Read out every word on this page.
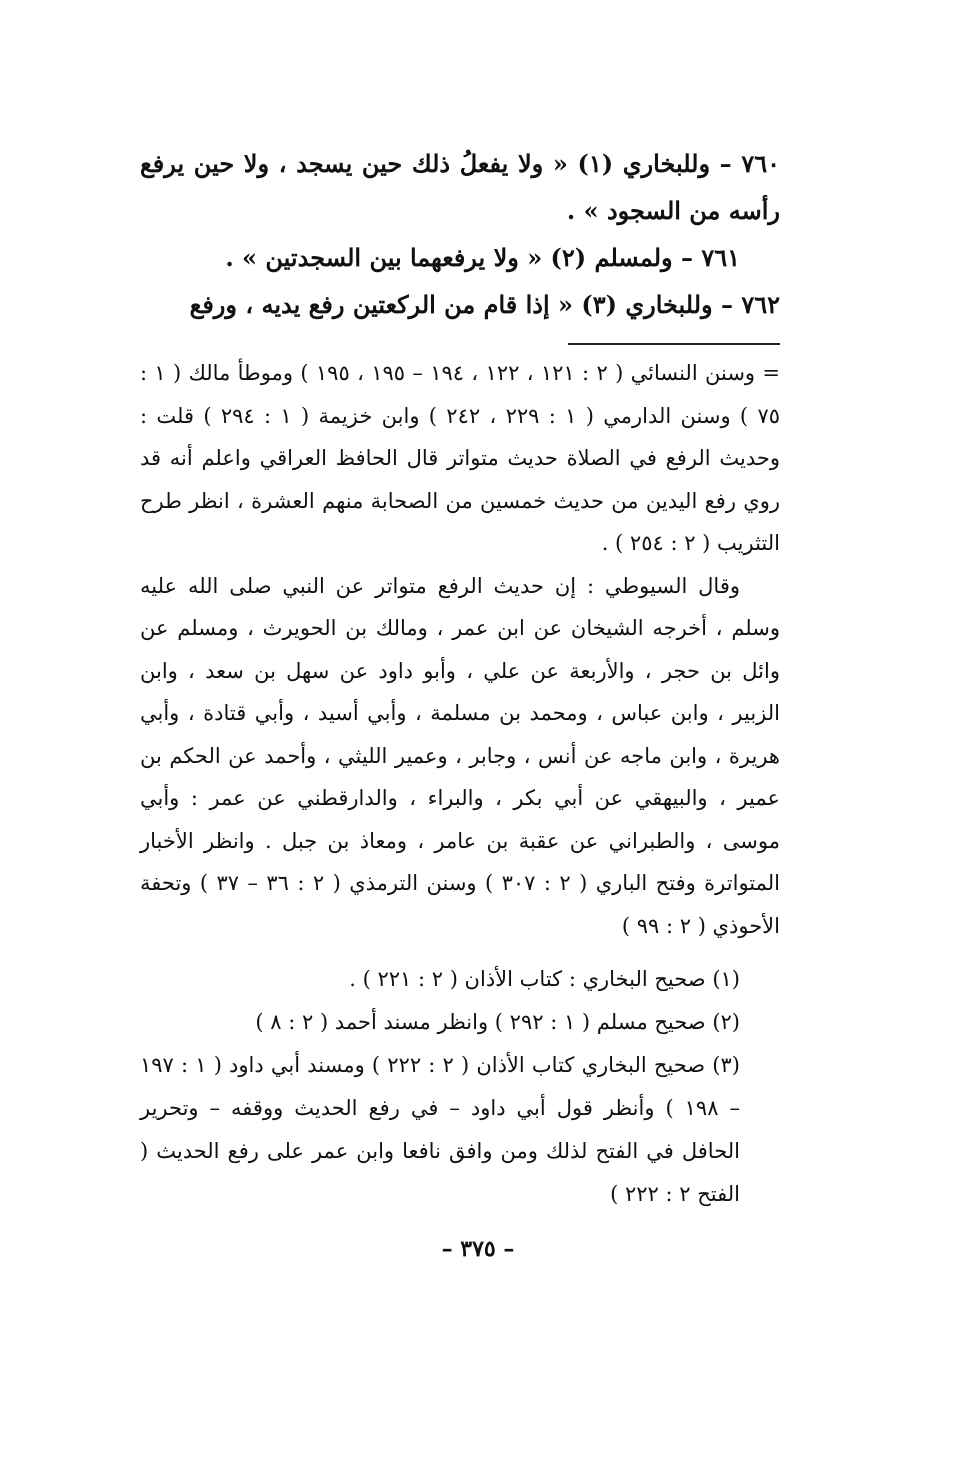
٧٦٠ – وللبخاري (١) « ولا يفعلُ ذلك حين يسجد ، ولا حين يرفع رأسه من السجود » .

٧٦١ – ولمسلم (٢) « ولا يرفعهما بين السجدتين » .

٧٦٢ – وللبخاري (٣) « إذا قام من الركعتين رفع يديه ، ورفع

= وسنن النسائي ( ٢ : ١٢١ ، ١٢٢ ، ١٩٤ – ١٩٥ ، ١٩٥ ) وموطأ مالك ( ١ : ٧٥ ) وسنن الدارمي ( ١ : ٢٢٩ ، ٢٤٢ ) وابن خزيمة ( ١ : ٢٩٤ ) قلت : وحديث الرفع في الصلاة حديث متواتر قال الحافظ العراقي واعلم أنه قد روي رفع اليدين من حديث خمسين من الصحابة منهم العشرة ، انظر طرح التثريب ( ٢ : ٢٥٤ ) .

وقال السيوطي : إن حديث الرفع متواتر عن النبي صلى الله عليه وسلم ، أخرجه الشيخان عن ابن عمر ، ومالك بن الحويرث ، ومسلم عن وائل بن حجر ، والأربعة عن علي ، وأبو داود عن سهل بن سعد ، وابن الزبير ، وابن عباس ، ومحمد بن مسلمة ، وأبي أسيد ، وأبي قتادة ، وأبي هريرة ، وابن ماجه عن أنس ، وجابر ، وعمير الليثي ، وأحمد عن الحكم بن عمير ، والبيهقي عن أبي بكر ، والبراء ، والدارقطني عن عمر : وأبي موسى ، والطبراني عن عقبة بن عامر ، ومعاذ بن جبل . وانظر الأخبار المتواترة وفتح الباري ( ٢ : ٣٠٧ ) وسنن الترمذي ( ٢ : ٣٦ – ٣٧ ) وتحفة الأحوذي ( ٢ : ٩٩ )

(١) صحيح البخاري : كتاب الأذان ( ٢ : ٢٢١ ) .

(٢) صحيح مسلم ( ١ : ٢٩٢ ) وانظر مسند أحمد ( ٢ : ٨ )

(٣) صحيح البخاري كتاب الأذان ( ٢ : ٢٢٢ ) ومسند أبي داود ( ١ : ١٩٧ – ١٩٨ ) وأنظر قول أبي داود – في رفع الحديث ووقفه – وتحرير الحافل في الفتح لذلك ومن وافق نافعا وابن عمر على رفع الحديث ( الفتح ٢ : ٢٢٢ )

– ٣٧٥ –
